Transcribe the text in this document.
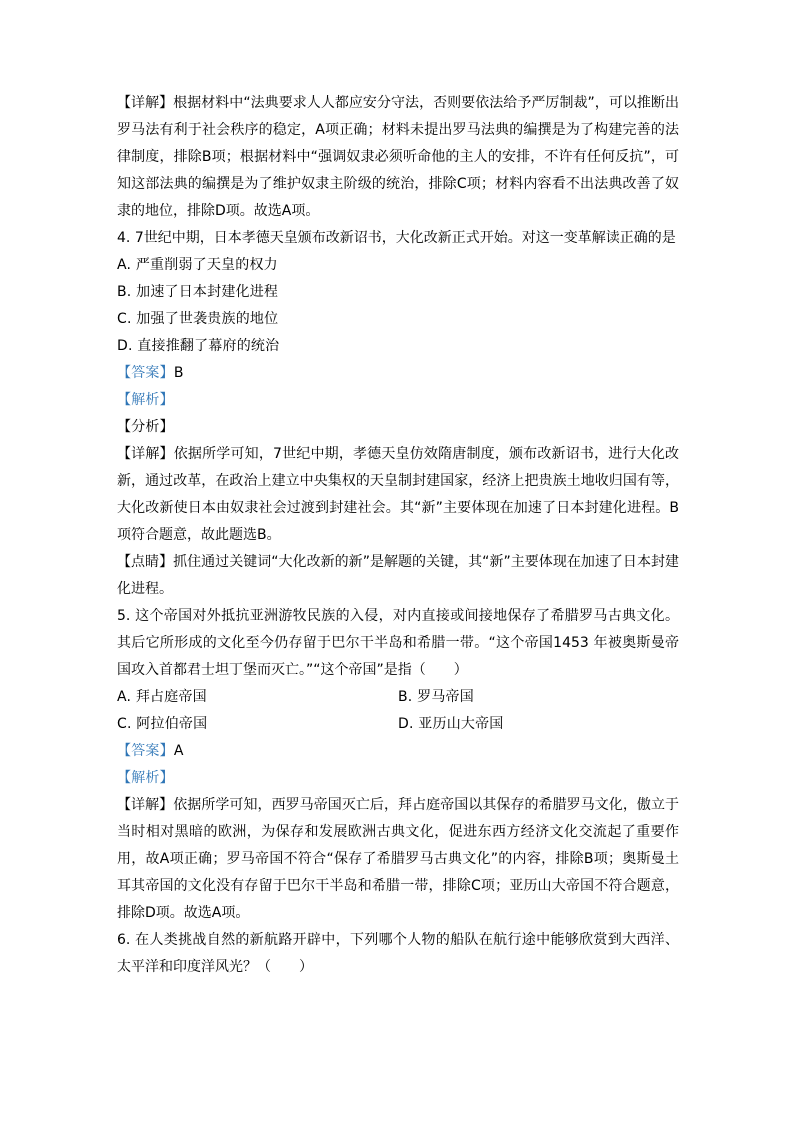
【详解】根据材料中“法典要求人人都应安分守法，否则要依法给予严厉制裁”，可以推断出罗马法有利于社会秩序的稳定，A项正确；材料未提出罗马法典的编撰是为了构建完善的法律制度，排除B项；根据材料中“强调奴隶必须听命他的主人的安排，不许有任何反抗”，可知这部法典的编撰是为了维护奴隶主阶级的统治，排除C项；材料内容看不出法典改善了奴隶的地位，排除D项。故选A项。
4. 7世纪中期，日本孝德天皇颁布改新诏书，大化改新正式开始。对这一变革解读正确的是
A. 严重削弱了天皇的权力
B. 加速了日本封建化进程
C. 加强了世袭贵族的地位
D. 直接推翻了幕府的统治
【答案】B
【解析】
【分析】
【详解】依据所学可知，7世纪中期，孝德天皇仿效隋唐制度，颁布改新诏书，进行大化改新，通过改革，在政治上建立中央集权的天皇制封建国家，经济上把贵族土地收归国有等，大化改新使日本由奴隶社会过渡到封建社会。其“新”主要体现在加速了日本封建化进程。B项符合题意，故此题选B。
【点睛】抓住通过关键词“大化改新的新”是解题的关键，其“新”主要体现在加速了日本封建化进程。
5. 这个帝国对外抵抗亚洲游牧民族的入侵，对内直接或间接地保存了希腊罗马古典文化。其后它所形成的文化至今仍存留于巴尔干半岛和希腊一带。“这个帝国1453 年被奥斯曼帝国攻入首都君士坦丁堡而灭亡。”“这个帝国”是指（　　）
A. 拜占庭帝国	B. 罗马帝国
C. 阿拉伯帝国	D. 亚历山大帝国
【答案】A
【解析】
【详解】依据所学可知，西罗马帝国灭亡后，拜占庭帝国以其保存的希腊罗马文化，傲立于当时相对黑暗的欧洲，为保存和发展欧洲古典文化，促进东西方经济文化交流起了重要作用，故A项正确；罗马帝国不符合“保存了希腊罗马古典文化”的内容，排除B项；奥斯曼土耳其帝国的文化没有存留于巴尔干半岛和希腊一带，排除C项；亚历山大帝国不符合题意，排除D项。故选A项。
6. 在人类挑战自然的新航路开辟中，下列哪个人物的船队在航行途中能够欣赏到大西洋、太平洋和印度洋风光？（　　）
